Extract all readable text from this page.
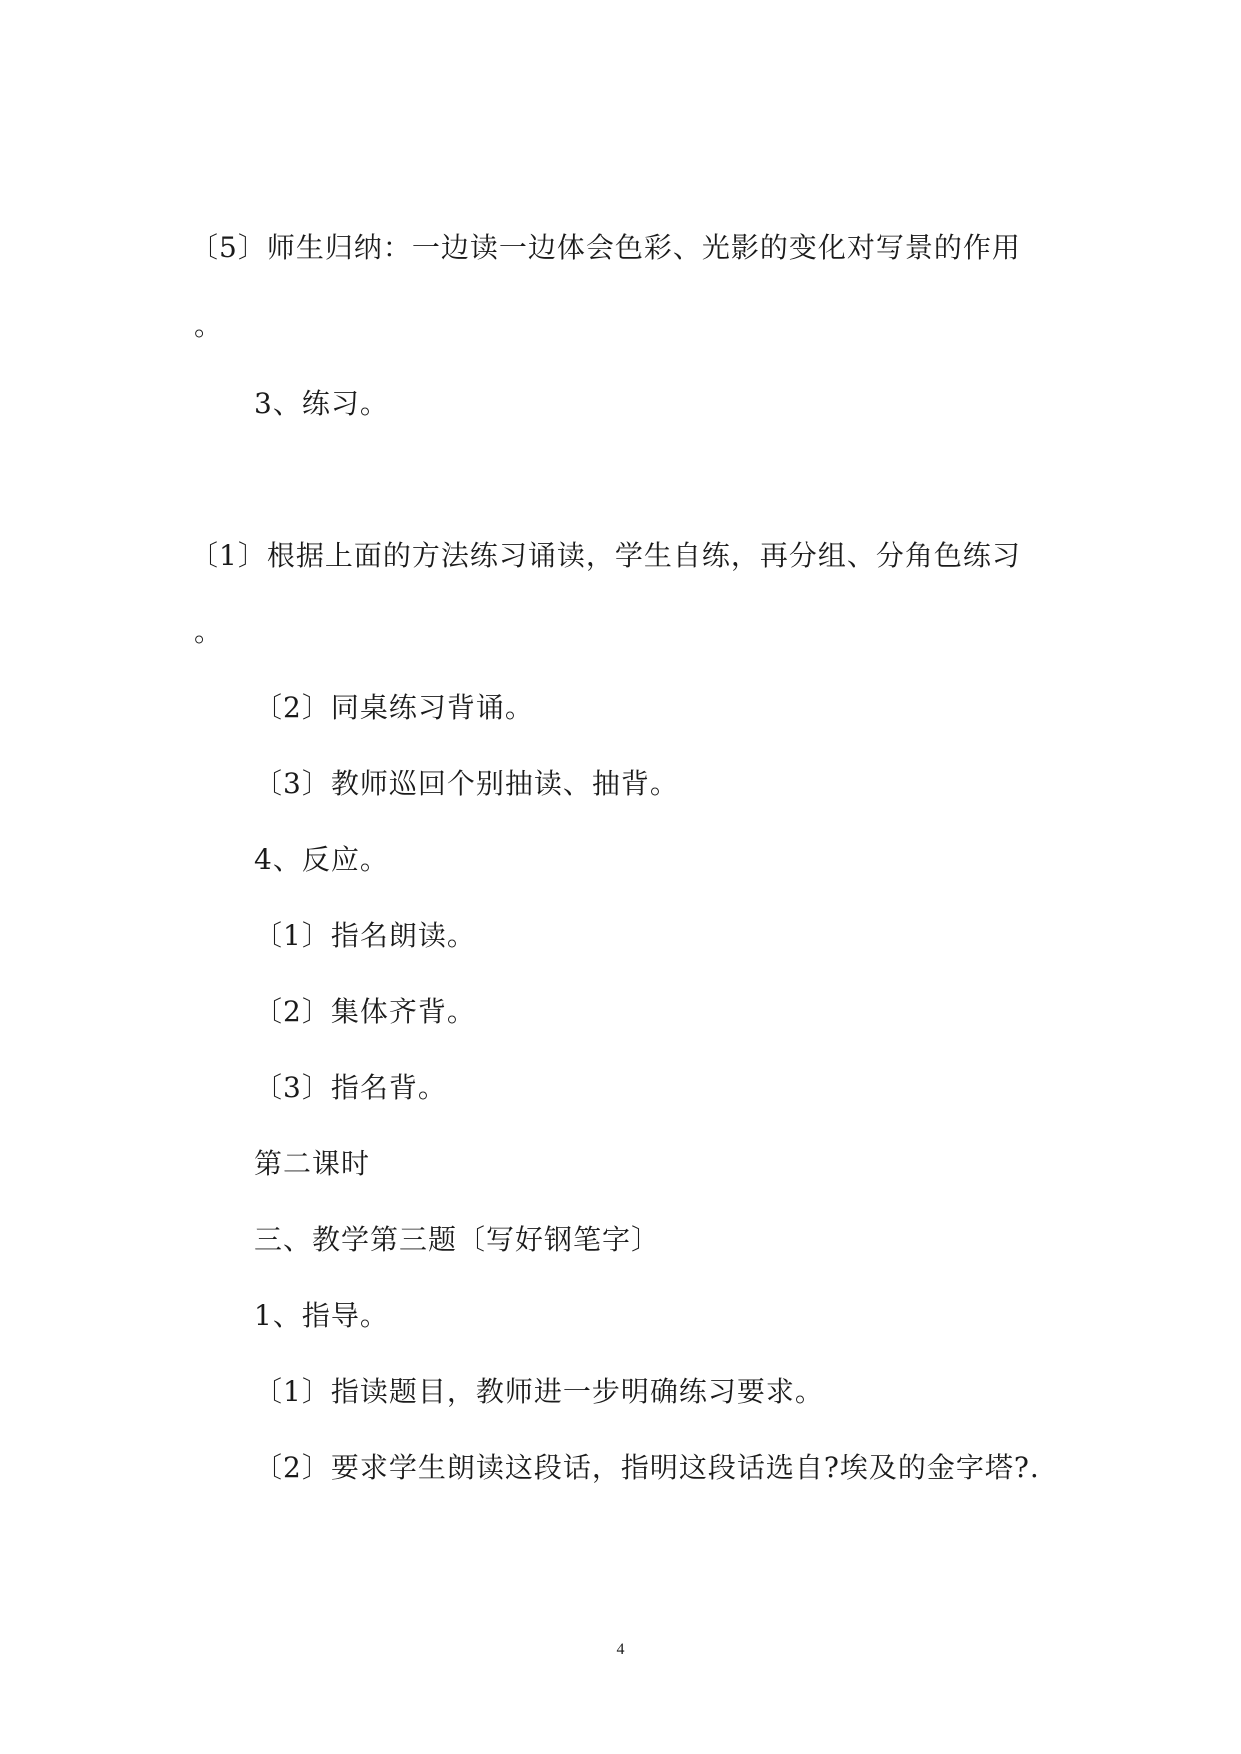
〔5〕师生归纳：一边读一边体会色彩、光影的变化对写景的作用
。
3、练习。
〔1〕根据上面的方法练习诵读，学生自练，再分组、分角色练习
。
〔2〕同桌练习背诵。
〔3〕教师巡回个别抽读、抽背。
4、反应。
〔1〕指名朗读。
〔2〕集体齐背。
〔3〕指名背。
第二课时
三、教学第三题〔写好钢笔字〕
1、指导。
〔1〕指读题目，教师进一步明确练习要求。
〔2〕要求学生朗读这段话，指明这段话选自?埃及的金字塔?.
4
